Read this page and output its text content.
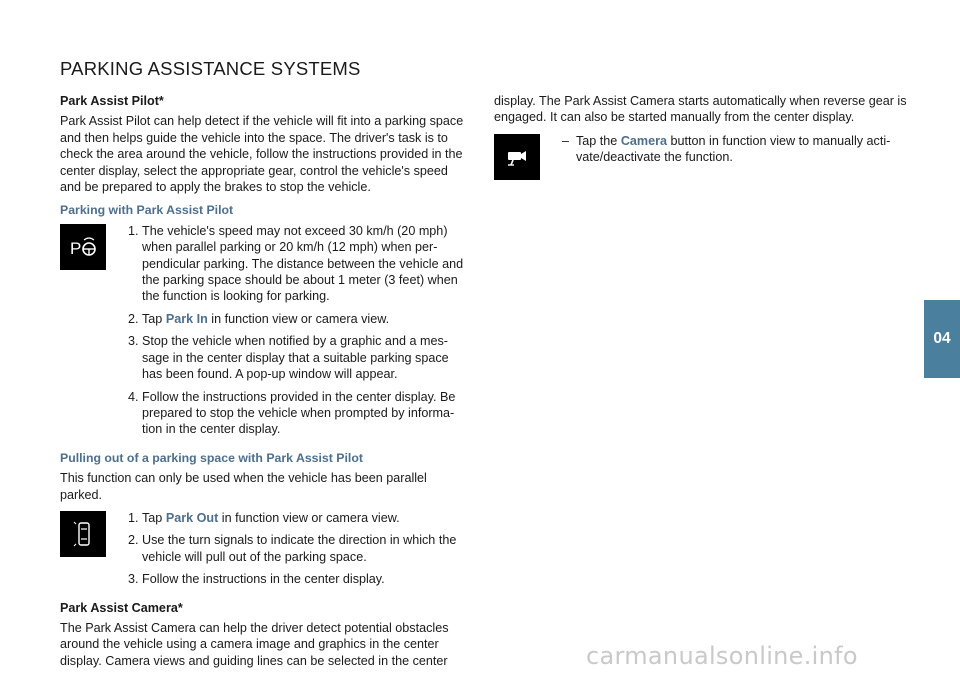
PARKING ASSISTANCE SYSTEMS
Park Assist Pilot*

Park Assist Pilot can help detect if the vehicle will fit into a parking space and then helps guide the vehicle into the space. The driver's task is to check the area around the vehicle, follow the instructions provided in the center display, select the appropriate gear, control the vehicle's speed and be prepared to apply the brakes to stop the vehicle.

Parking with Park Assist Pilot
P
1. The vehicle's speed may not exceed 30 km/h (20 mph) when parallel parking or 20 km/h (12 mph) when per-pendicular parking. The distance between the vehicle and the parking space should be about 1 meter (3 feet) when the function is looking for parking.
2. Tap Park In in function view or camera view.
3. Stop the vehicle when notified by a graphic and a mes-sage in the center display that a suitable parking space has been found. A pop-up window will appear.
4. Follow the instructions provided in the center display. Be prepared to stop the vehicle when prompted by informa-tion in the center display.
Pulling out of a parking space with Park Assist Pilot

This function can only be used when the vehicle has been parallel parked.

1. Tap Park Out in function view or camera view.
2. Use the turn signals to indicate the direction in which the vehicle will pull out of the parking space.
3. Follow the instructions in the center display.
Park Assist Camera*

The Park Assist Camera can help the driver detect potential obstacles around the vehicle using a camera image and graphics in the center display. Camera views and guiding lines can be selected in the center

display. The Park Assist Camera starts automatically when reverse gear is engaged. It can also be started manually from the center display.

– Tap the Camera button in function view to manually acti-vate/deactivate the function.
04
carmanualsonline.info
